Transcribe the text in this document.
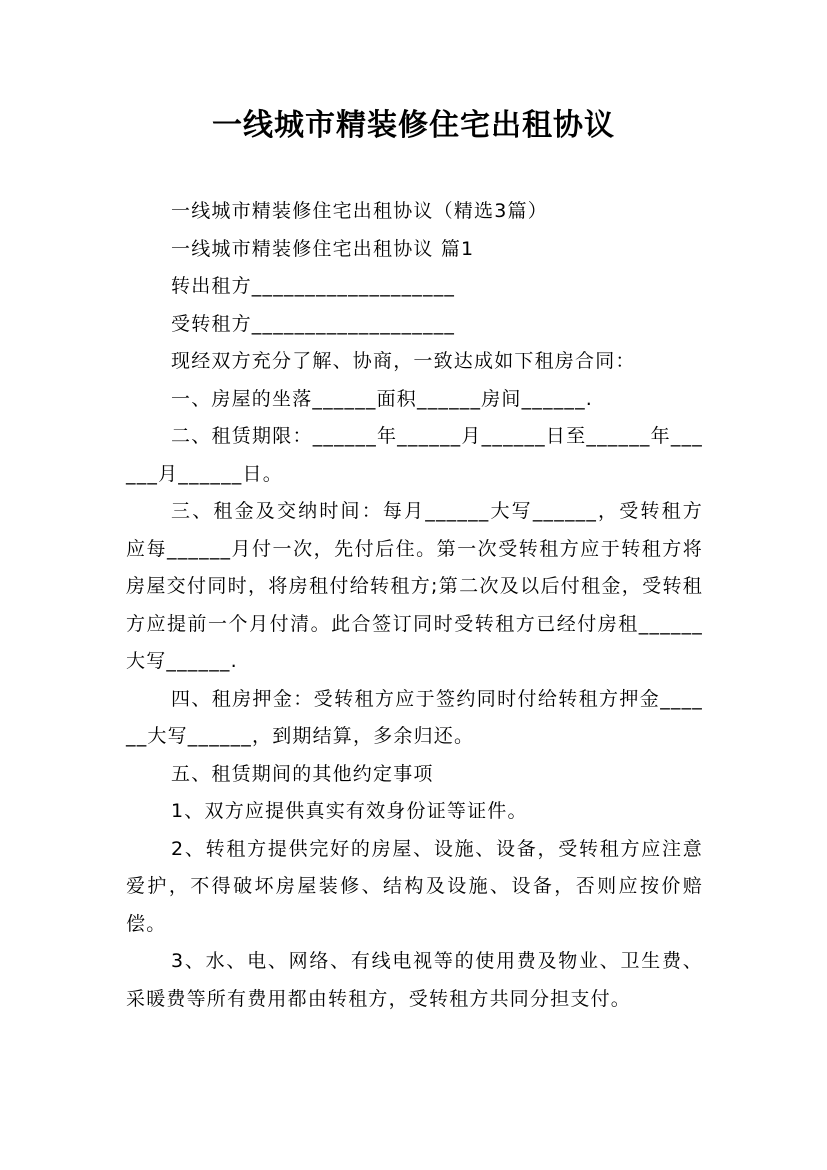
一线城市精装修住宅出租协议

一线城市精装修住宅出租协议（精选3篇）

一线城市精装修住宅出租协议 篇1

转出租方___________________

受转租方___________________

现经双方充分了解、协商，一致达成如下租房合同：

一、房屋的坐落______面积______房间______.

二、租赁期限：______年______月______日至______年______月______日。

三、租金及交纳时间：每月______大写______，受转租方应每______月付一次，先付后住。第一次受转租方应于转租方将房屋交付同时，将房租付给转租方;第二次及以后付租金，受转租方应提前一个月付清。此合签订同时受转租方已经付房租______大写______.

四、租房押金：受转租方应于签约同时付给转租方押金______大写______，到期结算，多余归还。

五、租赁期间的其他约定事项

1、双方应提供真实有效身份证等证件。

2、转租方提供完好的房屋、设施、设备，受转租方应注意爱护，不得破坏房屋装修、结构及设施、设备，否则应按价赔偿。

3、水、电、网络、有线电视等的使用费及物业、卫生费、采暖费等所有费用都由转租方，受转租方共同分担支付。
